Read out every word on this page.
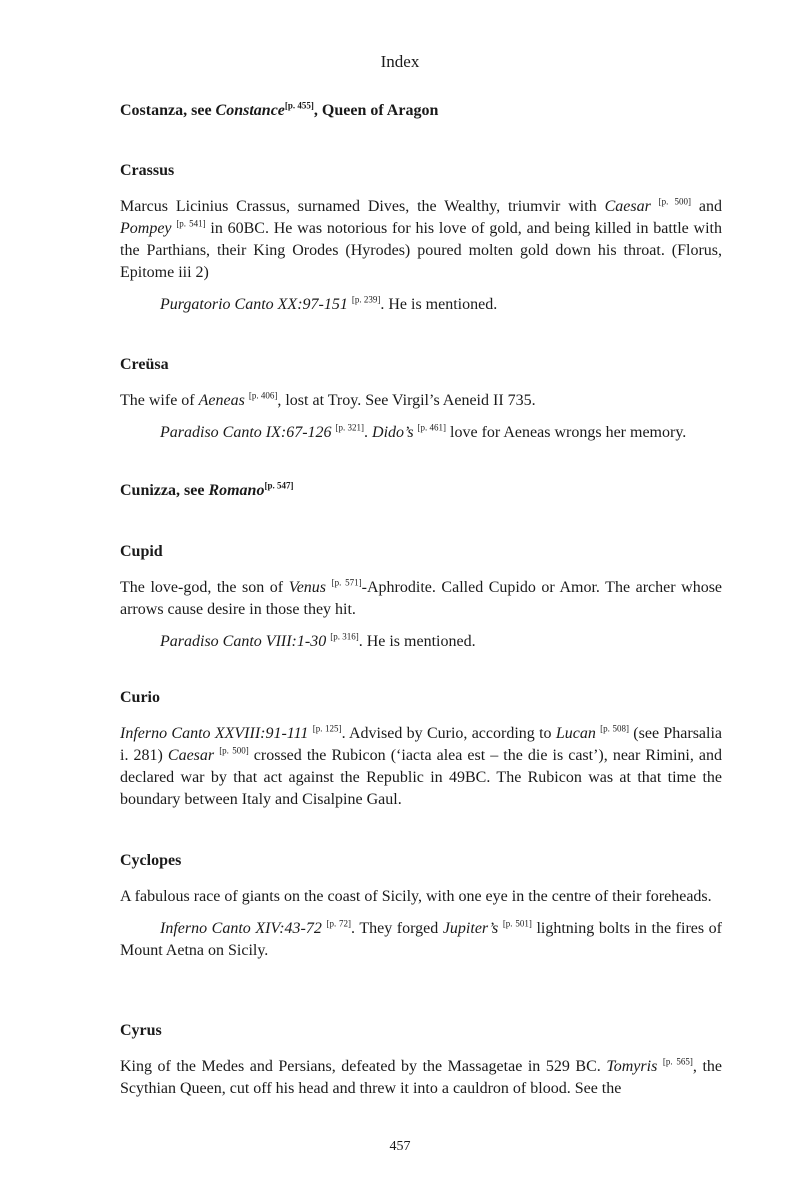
Index

Costanza, see Constance[p. 455], Queen of Aragon

Crassus

Marcus Licinius Crassus, surnamed Dives, the Wealthy, triumvir with Caesar [p. 500] and Pompey [p. 541] in 60BC. He was notorious for his love of gold, and being killed in battle with the Parthians, their King Orodes (Hyrodes) poured molten gold down his throat. (Florus, Epitome iii 2)

Purgatorio Canto XX:97-151 [p. 239]. He is mentioned.

Creüsa

The wife of Aeneas [p. 406], lost at Troy. See Virgil’s Aeneid II 735.

Paradiso Canto IX:67-126 [p. 321]. Dido’s [p. 461] love for Aeneas wrongs her memory.

Cunizza, see Romano[p. 547]

Cupid

The love-god, the son of Venus [p. 571]-Aphrodite. Called Cupido or Amor. The archer whose arrows cause desire in those they hit.

Paradiso Canto VIII:1-30 [p. 316]. He is mentioned.

Curio

Inferno Canto XXVIII:91-111 [p. 125]. Advised by Curio, according to Lucan [p. 508] (see Pharsalia i. 281) Caesar [p. 500] crossed the Rubicon (‘iacta alea est – the die is cast’), near Rimini, and declared war by that act against the Republic in 49BC. The Rubicon was at that time the boundary between Italy and Cisalpine Gaul.

Cyclopes

A fabulous race of giants on the coast of Sicily, with one eye in the centre of their foreheads.

Inferno Canto XIV:43-72 [p. 72]. They forged Jupiter’s [p. 501] lightning bolts in the fires of Mount Aetna on Sicily.

Cyrus

King of the Medes and Persians, defeated by the Massagetae in 529 BC. Tomyris [p. 565], the Scythian Queen, cut off his head and threw it into a cauldron of blood. See the

457
